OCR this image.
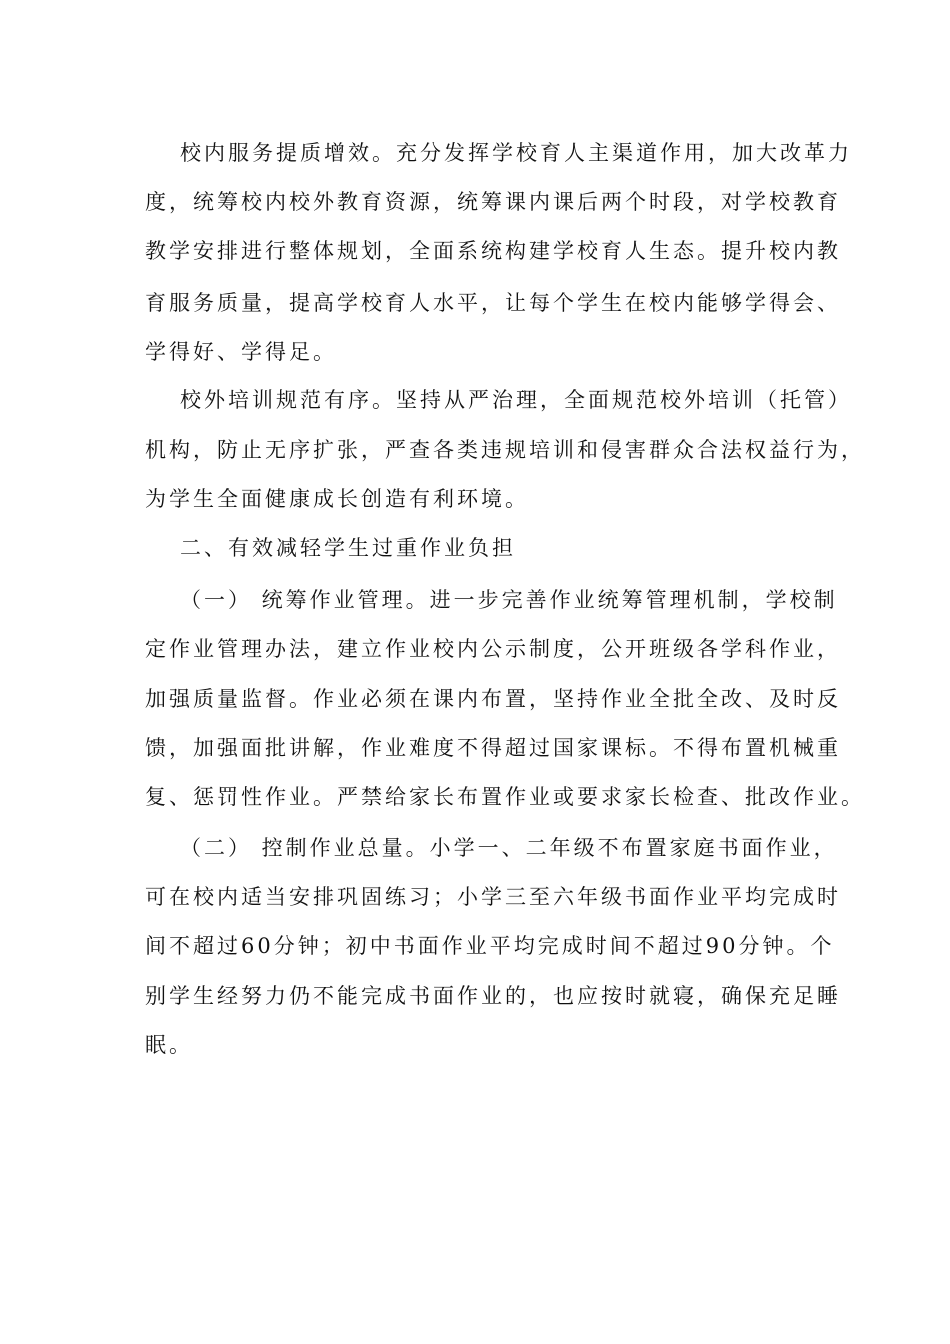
校内服务提质增效。充分发挥学校育人主渠道作用，加大改革力
度，统筹校内校外教育资源，统筹课内课后两个时段，对学校教育
教学安排进行整体规划，全面系统构建学校育人生态。提升校内教
育服务质量，提高学校育人水平，让每个学生在校内能够学得会、
学得好、学得足。
校外培训规范有序。坚持从严治理，全面规范校外培训（托管）
机构，防止无序扩张，严查各类违规培训和侵害群众合法权益行为，
为学生全面健康成长创造有利环境。
二、有效减轻学生过重作业负担
（一） 统筹作业管理。进一步完善作业统筹管理机制，学校制
定作业管理办法，建立作业校内公示制度，公开班级各学科作业，
加强质量监督。作业必须在课内布置，坚持作业全批全改、及时反
馈，加强面批讲解，作业难度不得超过国家课标。不得布置机械重
复、惩罚性作业。严禁给家长布置作业或要求家长检查、批改作业。
（二） 控制作业总量。小学一、二年级不布置家庭书面作业，
可在校内适当安排巩固练习；小学三至六年级书面作业平均完成时
间不超过60分钟；初中书面作业平均完成时间不超过90分钟。个
别学生经努力仍不能完成书面作业的，也应按时就寝，确保充足睡
眠。
